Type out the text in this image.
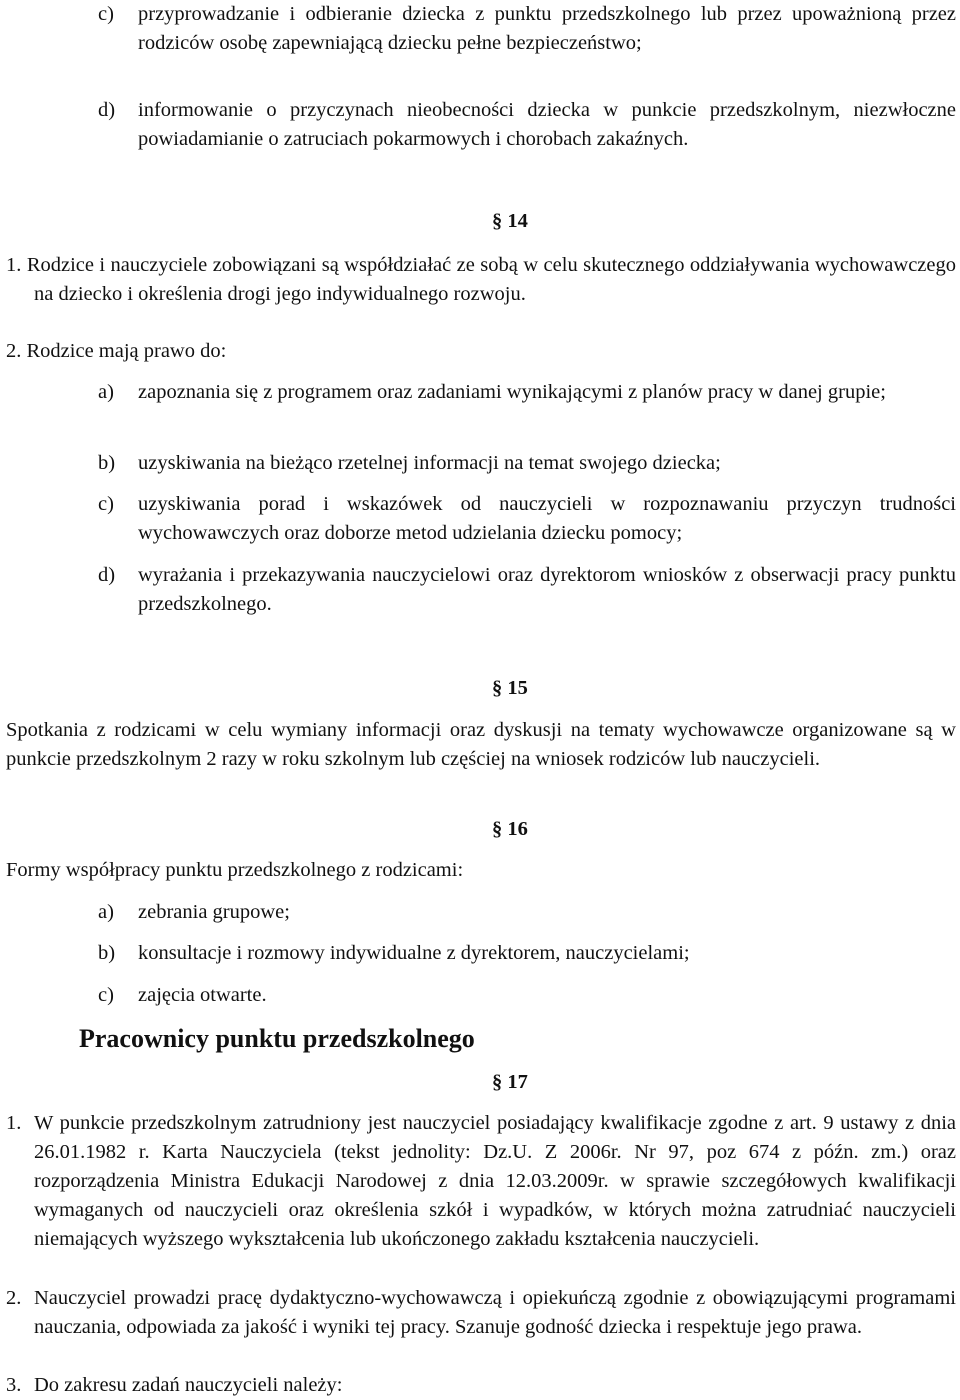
c)	przyprowadzanie i odbieranie dziecka z punktu przedszkolnego lub przez upoważnioną przez rodziców osobę zapewniającą dziecku pełne bezpieczeństwo;
d)	informowanie o przyczynach nieobecności dziecka w punkcie przedszkolnym, niezwłoczne powiadamianie o zatruciach pokarmowych i chorobach zakaźnych.
§ 14
1. Rodzice i nauczyciele zobowiązani są współdziałać ze sobą w celu skutecznego oddziaływania wychowawczego na dziecko i określenia drogi jego indywidualnego rozwoju.
2. Rodzice mają prawo do:
a)	zapoznania się z programem oraz zadaniami wynikającymi z planów pracy w danej grupie;
b)	uzyskiwania na bieżąco rzetelnej informacji na temat swojego dziecka;
c)	uzyskiwania porad i wskazówek od nauczycieli w rozpoznawaniu przyczyn trudności wychowawczych oraz doborze metod udzielania dziecku pomocy;
d)	wyrażania i przekazywania nauczycielowi oraz dyrektorom wniosków z obserwacji pracy punktu przedszkolnego.
§ 15
Spotkania z rodzicami w celu wymiany informacji oraz dyskusji na tematy wychowawcze organizowane są w punkcie przedszkolnym 2 razy w roku szkolnym lub częściej na wniosek rodziców lub nauczycieli.
§ 16
Formy współpracy punktu przedszkolnego z rodzicami:
a)	zebrania grupowe;
b)	konsultacje i rozmowy indywidualne z dyrektorem, nauczycielami;
c)	zajęcia otwarte.
Pracownicy punktu przedszkolnego
§ 17
1. W punkcie przedszkolnym zatrudniony jest nauczyciel posiadający kwalifikacje zgodne z art. 9 ustawy z dnia 26.01.1982 r. Karta Nauczyciela (tekst jednolity: Dz.U. Z 2006r. Nr 97, poz 674 z późn. zm.) oraz rozporządzenia Ministra Edukacji Narodowej z dnia 12.03.2009r. w sprawie szczegółowych kwalifikacji wymaganych od nauczycieli oraz określenia szkół i wypadków, w których można zatrudniać nauczycieli niemających wyższego wykształcenia lub ukończonego zakładu kształcenia nauczycieli.
2. Nauczyciel prowadzi pracę dydaktyczno-wychowawczą i opiekuńczą zgodnie z obowiązującymi programami nauczania, odpowiada za jakość i wyniki tej pracy. Szanuje godność dziecka i respektuje jego prawa.
3. Do zakresu zadań nauczycieli należy:
